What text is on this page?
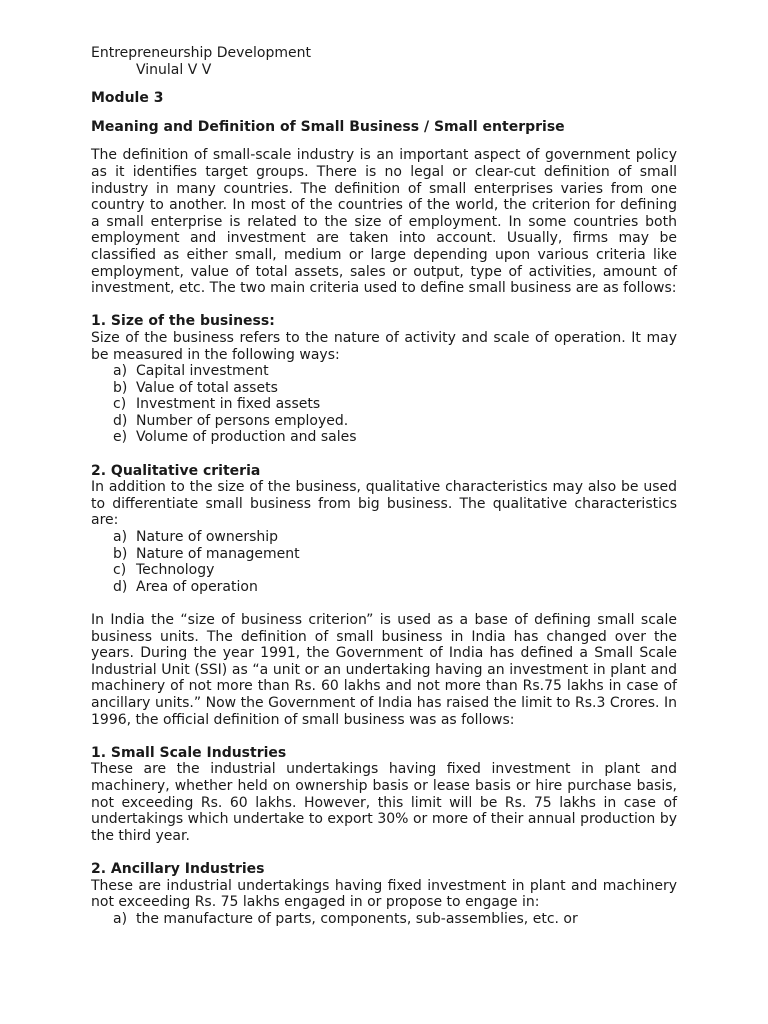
Entrepreneurship Development
Vinulal V V
Module 3
Meaning and Definition of Small Business / Small enterprise

The definition of small-scale industry is an important aspect of government policy as it identifies target groups. There is no legal or clear-cut definition of small industry in many countries. The definition of small enterprises varies from one country to another. In most of the countries of the world, the criterion for defining a small enterprise is related to the size of employment. In some countries both employment and investment are taken into account. Usually, firms may be classified as either small, medium or large depending upon various criteria like employment, value of total assets, sales or output, type of activities, amount of investment, etc. The two main criteria used to define small business are as follows:

1. Size of the business:

Size of the business refers to the nature of activity and scale of operation. It may be measured in the following ways:

a) Capital investment
b) Value of total assets
c) Investment in fixed assets
d) Number of persons employed.
e) Volume of production and sales
2. Qualitative criteria

In addition to the size of the business, qualitative characteristics may also be used to differentiate small business from big business. The qualitative characteristics are:

a) Nature of ownership
b) Nature of management
c) Technology
d) Area of operation

In India the “size of business criterion” is used as a base of defining small scale business units. The definition of small business in India has changed over the years. During the year 1991, the Government of India has defined a Small Scale Industrial Unit (SSI) as “a unit or an undertaking having an investment in plant and machinery of not more than Rs. 60 lakhs and not more than Rs.75 lakhs in case of ancillary units.” Now the Government of India has raised the limit to Rs.3 Crores. In 1996, the official definition of small business was as follows:

1. Small Scale Industries

These are the industrial undertakings having fixed investment in plant and machinery, whether held on ownership basis or lease basis or hire purchase basis, not exceeding Rs. 60 lakhs. However, this limit will be Rs. 75 lakhs in case of undertakings which undertake to export 30% or more of their annual production by the third year.

2. Ancillary Industries

These are industrial undertakings having fixed investment in plant and machinery not exceeding Rs. 75 lakhs engaged in or propose to engage in:

a) the manufacture of parts, components, sub-assemblies, etc. or
